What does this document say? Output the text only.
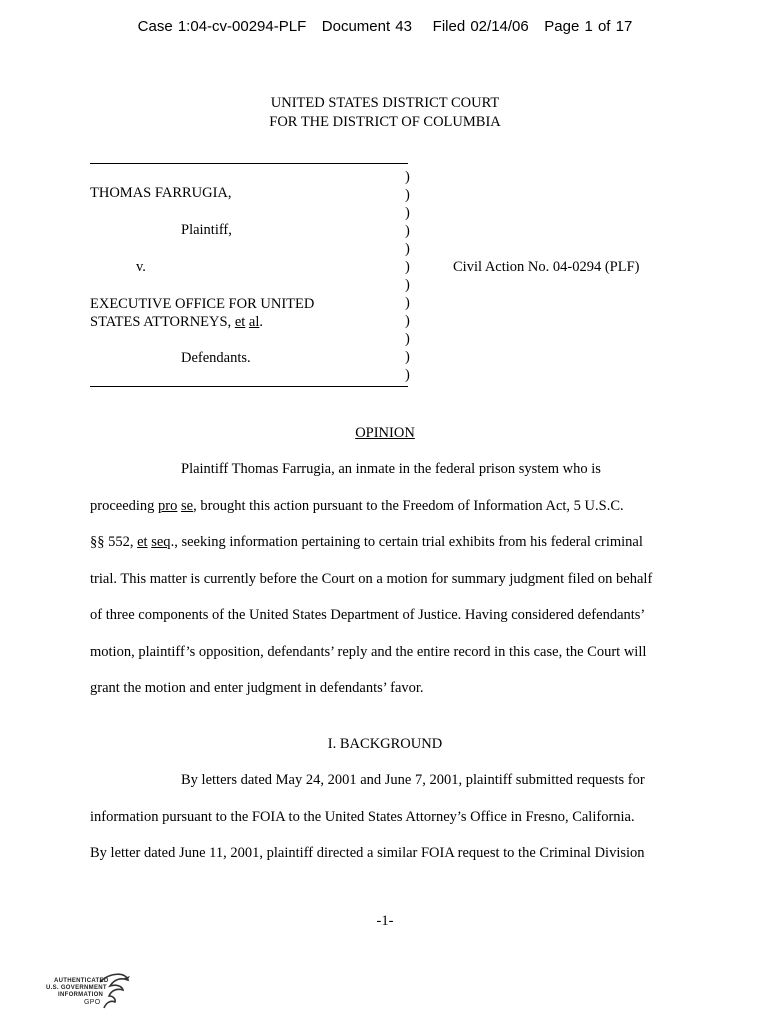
Case 1:04-cv-00294-PLF Document 43 Filed 02/14/06 Page 1 of 17
UNITED STATES DISTRICT COURT
FOR THE DISTRICT OF COLUMBIA
THOMAS FARRUGIA,
Plaintiff,
v.
EXECUTIVE OFFICE FOR UNITED
STATES ATTORNEYS, et al.
Defendants.
)
)
)
)
)
)
)
)
)
)
)
)
Civil Action No. 04-0294 (PLF)
OPINION
Plaintiff Thomas Farrugia, an inmate in the federal prison system who is
proceeding pro se, brought this action pursuant to the Freedom of Information Act, 5 U.S.C.
§§ 552, et seq., seeking information pertaining to certain trial exhibits from his federal criminal
trial. This matter is currently before the Court on a motion for summary judgment filed on behalf
of three components of the United States Department of Justice. Having considered defendants’
motion, plaintiff’s opposition, defendants’ reply and the entire record in this case, the Court will
grant the motion and enter judgment in defendants’ favor.
I. BACKGROUND
By letters dated May 24, 2001 and June 7, 2001, plaintiff submitted requests for
information pursuant to the FOIA to the United States Attorney’s Office in Fresno, California.
By letter dated June 11, 2001, plaintiff directed a similar FOIA request to the Criminal Division
-1-
AUTHENTICATED
U.S. GOVERNMENT
INFORMATION
GPO
